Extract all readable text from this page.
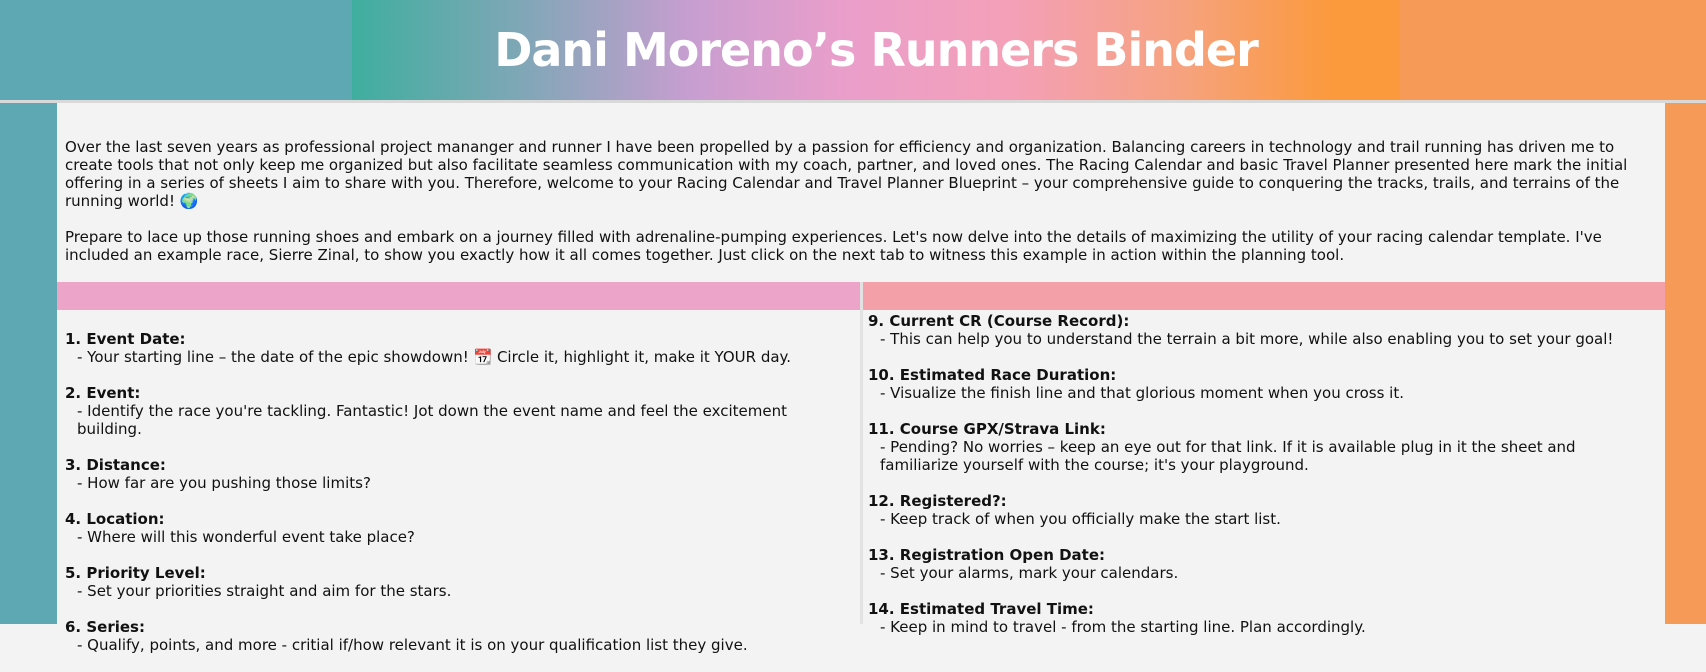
Dani Moreno’s Runners Binder

Over the last seven years as professional project mananger and runner I have been propelled by a passion for efficiency and organization. Balancing careers in technology and trail running has driven me to create tools that not only keep me organized but also facilitate seamless communication with my coach, partner, and loved ones. The Racing Calendar and basic Travel Planner presented here mark the initial offering in a series of sheets I aim to share with you. Therefore, welcome to your Racing Calendar and Travel Planner Blueprint – your comprehensive guide to conquering the tracks, trails, and terrains of the running world! 🌍

Prepare to lace up those running shoes and embark on a journey filled with adrenaline-pumping experiences. Let's now delve into the details of maximizing the utility of your racing calendar template. I've included an example race, Sierre Zinal, to show you exactly how it all comes together. Just click on the next tab to witness this example in action within the planning tool.

1. Event Date:
- Your starting line – the date of the epic showdown! 📆 Circle it, highlight it, make it YOUR day.
2. Event:
- Identify the race you're tackling. Fantastic! Jot down the event name and feel the excitement building.
3. Distance:
- How far are you pushing those limits?
4. Location:
- Where will this wonderful event take place?
5. Priority Level:
- Set your priorities straight and aim for the stars.
6. Series:
- Qualify, points, and more - critial if/how relevant it is on your qualification list they give.
9. Current CR (Course Record):
- This can help you to understand the terrain a bit more, while also enabling you to set your goal!
10. Estimated Race Duration:
- Visualize the finish line and that glorious moment when you cross it.
11. Course GPX/Strava Link:
- Pending? No worries – keep an eye out for that link. If it is available plug in it the sheet and familiarize yourself with the course; it's your playground.
12. Registered?:
- Keep track of when you officially make the start list.
13. Registration Open Date:
- Set your alarms, mark your calendars.
14. Estimated Travel Time:
- Keep in mind to travel - from the starting line. Plan accordingly.
